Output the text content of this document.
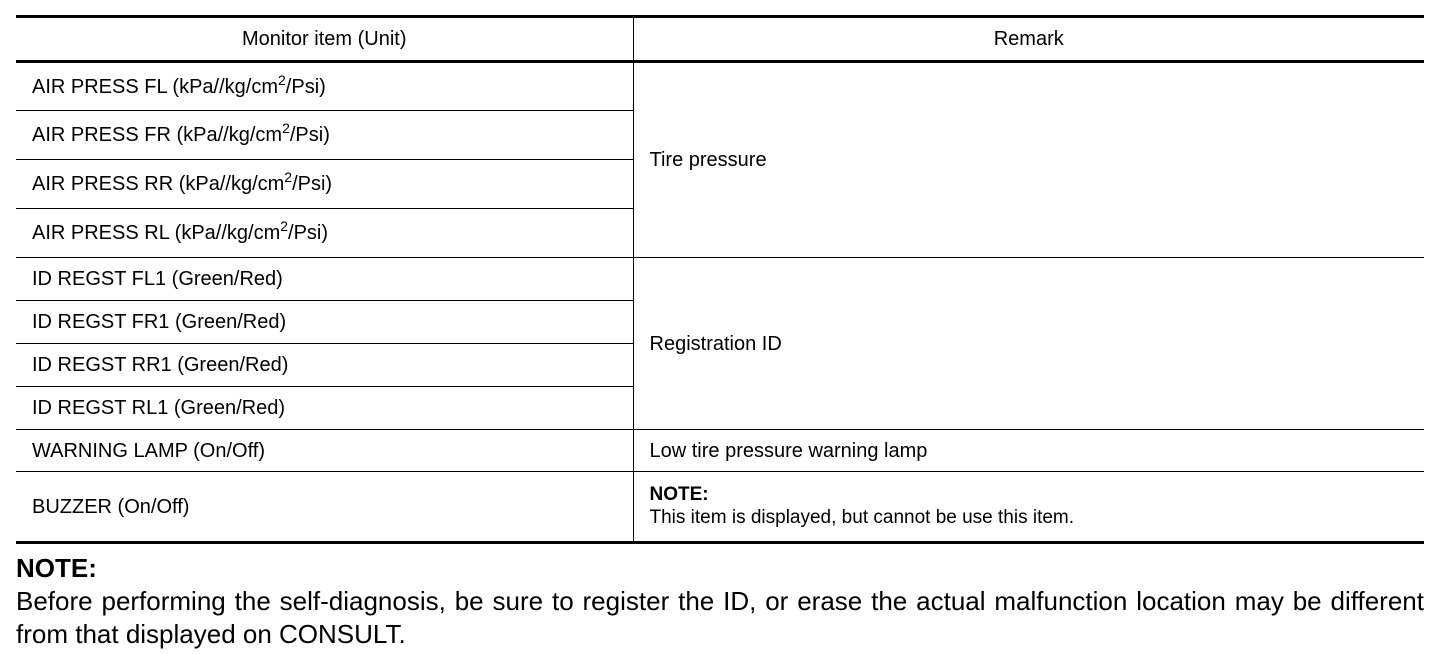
Monitor item (Unit)	Remark
AIR PRESS FL $(kPa//kg/cm^2/Psi)$	Tire pressure
AIR PRESS FR $(kPa//kg/cm^2/Psi)$	
AIR PRESS RR $(kPa//kg/cm^2/Psi)$	
AIR PRESS RL $(kPa//kg/cm^2/Psi)$	
ID REGST FL1 (Green/Red)	Registration ID
ID REGST FR1 (Green/Red)	
ID REGST RR1 (Green/Red)	
ID REGST RL1 (Green/Red)	
WARNING LAMP (On/Off)	Low tire pressure warning lamp
BUZZER (On/Off)	NOTE:
This item is displayed, but cannot be use this item.
NOTE:
Before performing the self-diagnosis, be sure to register the ID, or erase the actual malfunction location may be different from that displayed on CONSULT.
